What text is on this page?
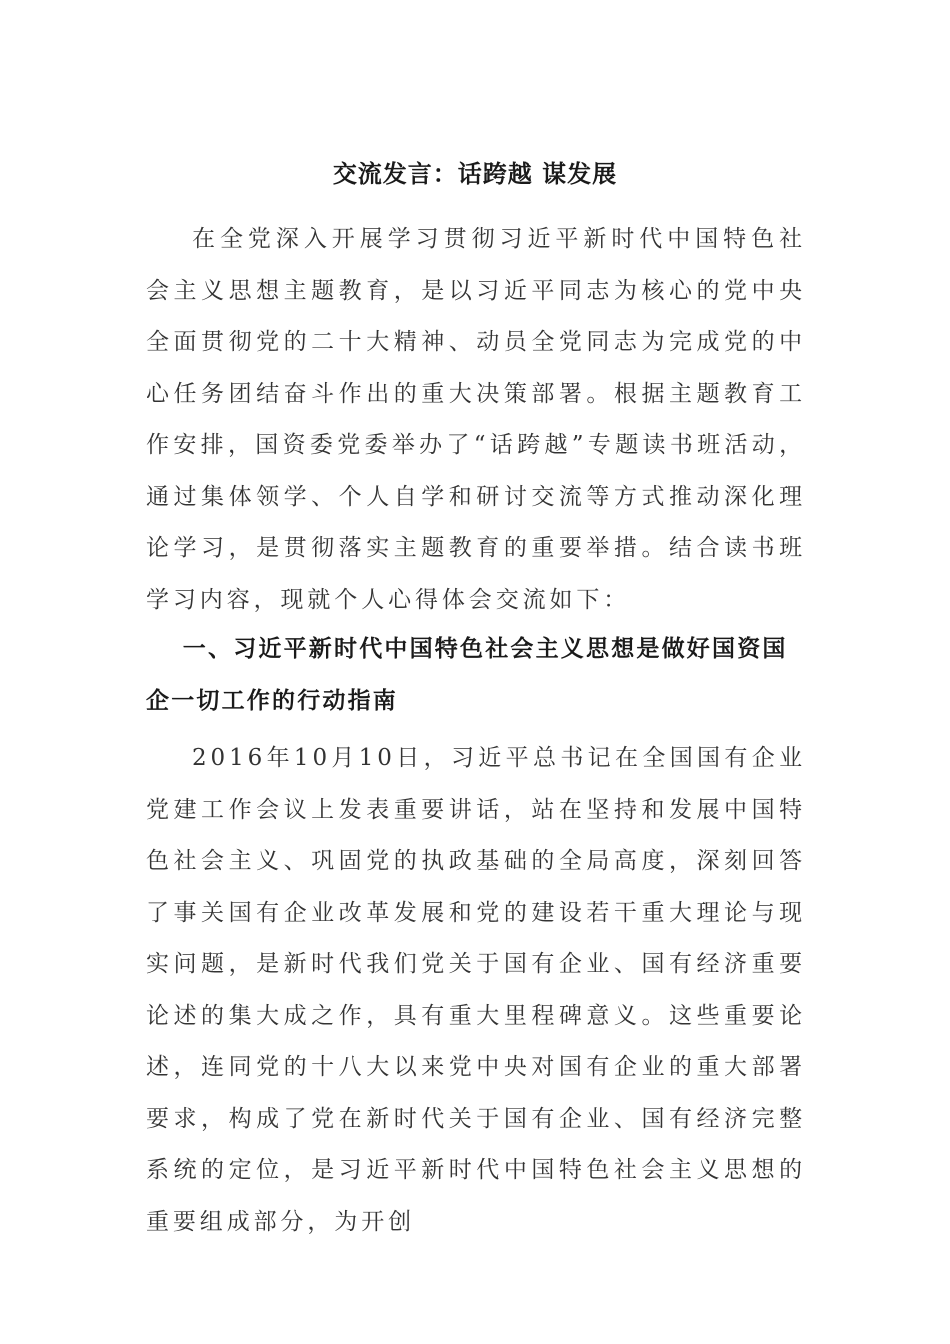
交流发言：话跨越 谋发展

在全党深入开展学习贯彻习近平新时代中国特色社会主义思想主题教育，是以习近平同志为核心的党中央全面贯彻党的二十大精神、动员全党同志为完成党的中心任务团结奋斗作出的重大决策部署。根据主题教育工作安排，国资委党委举办了“话跨越”专题读书班活动，通过集体领学、个人自学和研讨交流等方式推动深化理论学习，是贯彻落实主题教育的重要举措。结合读书班学习内容，现就个人心得体会交流如下：

一、习近平新时代中国特色社会主义思想是做好国资国企一切工作的行动指南

2016年10月10日，习近平总书记在全国国有企业党建工作会议上发表重要讲话，站在坚持和发展中国特色社会主义、巩固党的执政基础的全局高度，深刻回答了事关国有企业改革发展和党的建设若干重大理论与现实问题，是新时代我们党关于国有企业、国有经济重要论述的集大成之作，具有重大里程碑意义。这些重要论述，连同党的十八大以来党中央对国有企业的重大部署要求，构成了党在新时代关于国有企业、国有经济完整系统的定位，是习近平新时代中国特色社会主义思想的重要组成部分，为开创
